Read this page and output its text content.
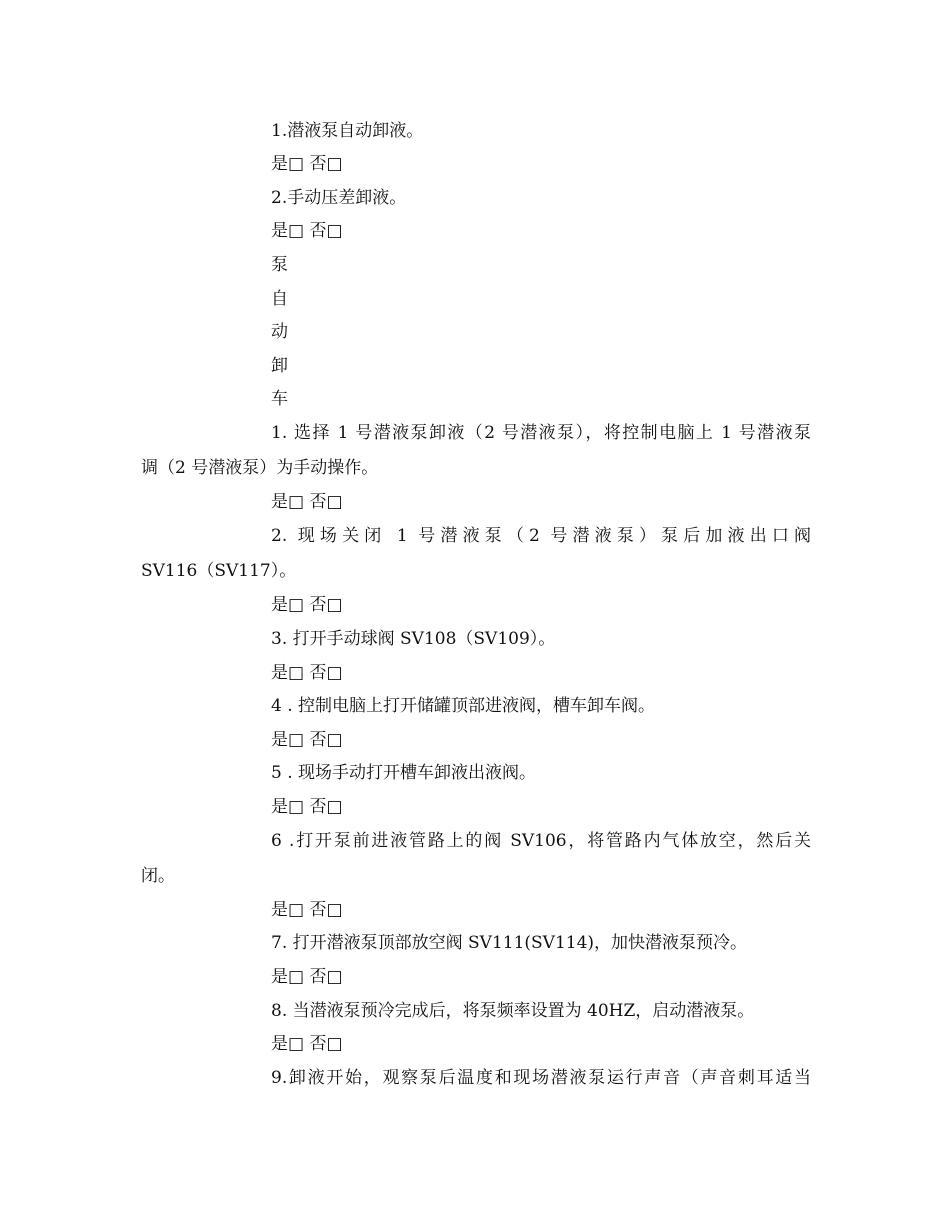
1.潜液泵自动卸液。
是□ 否□
2.手动压差卸液。
是□ 否□
泵
自
动
卸
车
1. 选择 1 号潜液泵卸液（2 号潜液泵），将控制电脑上 1 号潜液泵
调（2 号潜液泵）为手动操作。
是□ 否□
2. 现场关闭 1 号潜液泵（2 号潜液泵）泵后加液出口阀
SV116（SV117）。
是□ 否□
3. 打开手动球阀 SV108（SV109）。
是□ 否□
4 . 控制电脑上打开储罐顶部进液阀，槽车卸车阀。
是□ 否□
5 . 现场手动打开槽车卸液出液阀。
是□ 否□
6 .打开泵前进液管路上的阀 SV106，将管路内气体放空，然后关
闭。
是□ 否□
7. 打开潜液泵顶部放空阀 SV111(SV114)，加快潜液泵预冷。
是□ 否□
8. 当潜液泵预冷完成后，将泵频率设置为 40HZ，启动潜液泵。
是□ 否□
9.卸液开始，观察泵后温度和现场潜液泵运行声音（声音刺耳适当
